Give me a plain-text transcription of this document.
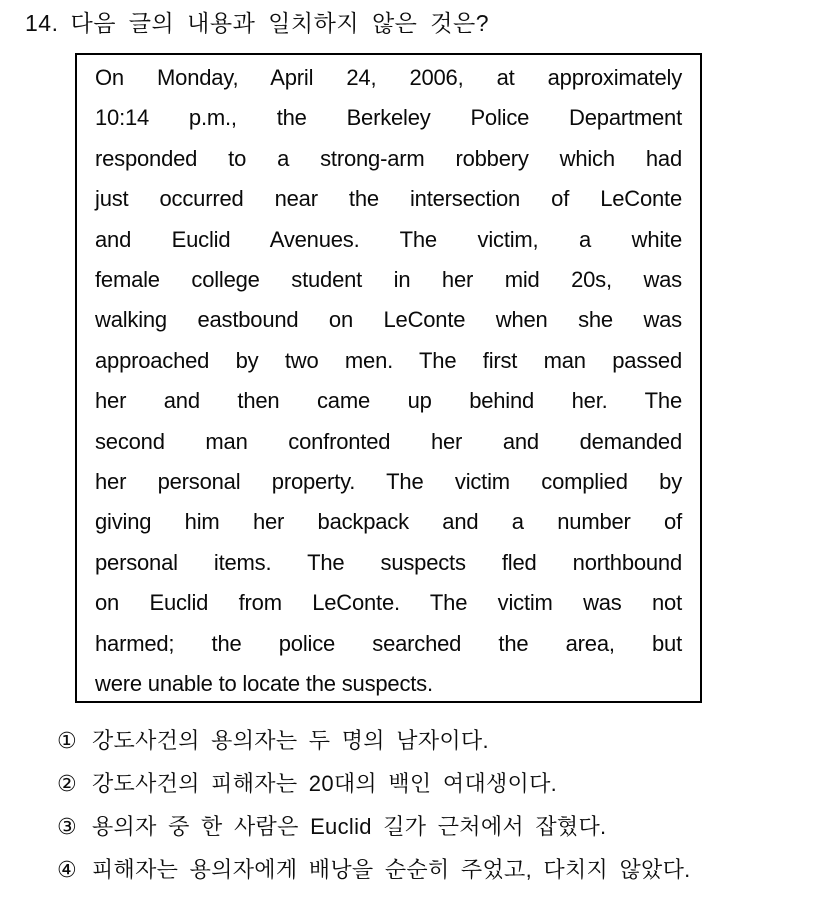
14. 다음 글의 내용과 일치하지 않은 것은?
On Monday, April 24, 2006, at approximately
10:14 p.m., the Berkeley Police Department
responded to a strong-arm robbery which had
just occurred near the intersection of LeConte
and Euclid Avenues. The victim, a white
female college student in her mid 20s, was
walking eastbound on LeConte when she was
approached by two men. The first man passed
her and then came up behind her. The
second man confronted her and demanded
her personal property. The victim complied by
giving him her backpack and a number of
personal items. The suspects fled northbound
on Euclid from LeConte. The victim was not
harmed; the police searched the area, but
were unable to locate the suspects.
① 강도사건의 용의자는 두 명의 남자이다.
② 강도사건의 피해자는 20대의 백인 여대생이다.
③ 용의자 중 한 사람은 Euclid 길가 근처에서 잡혔다.
④ 피해자는 용의자에게 배낭을 순순히 주었고, 다치지 않았다.
